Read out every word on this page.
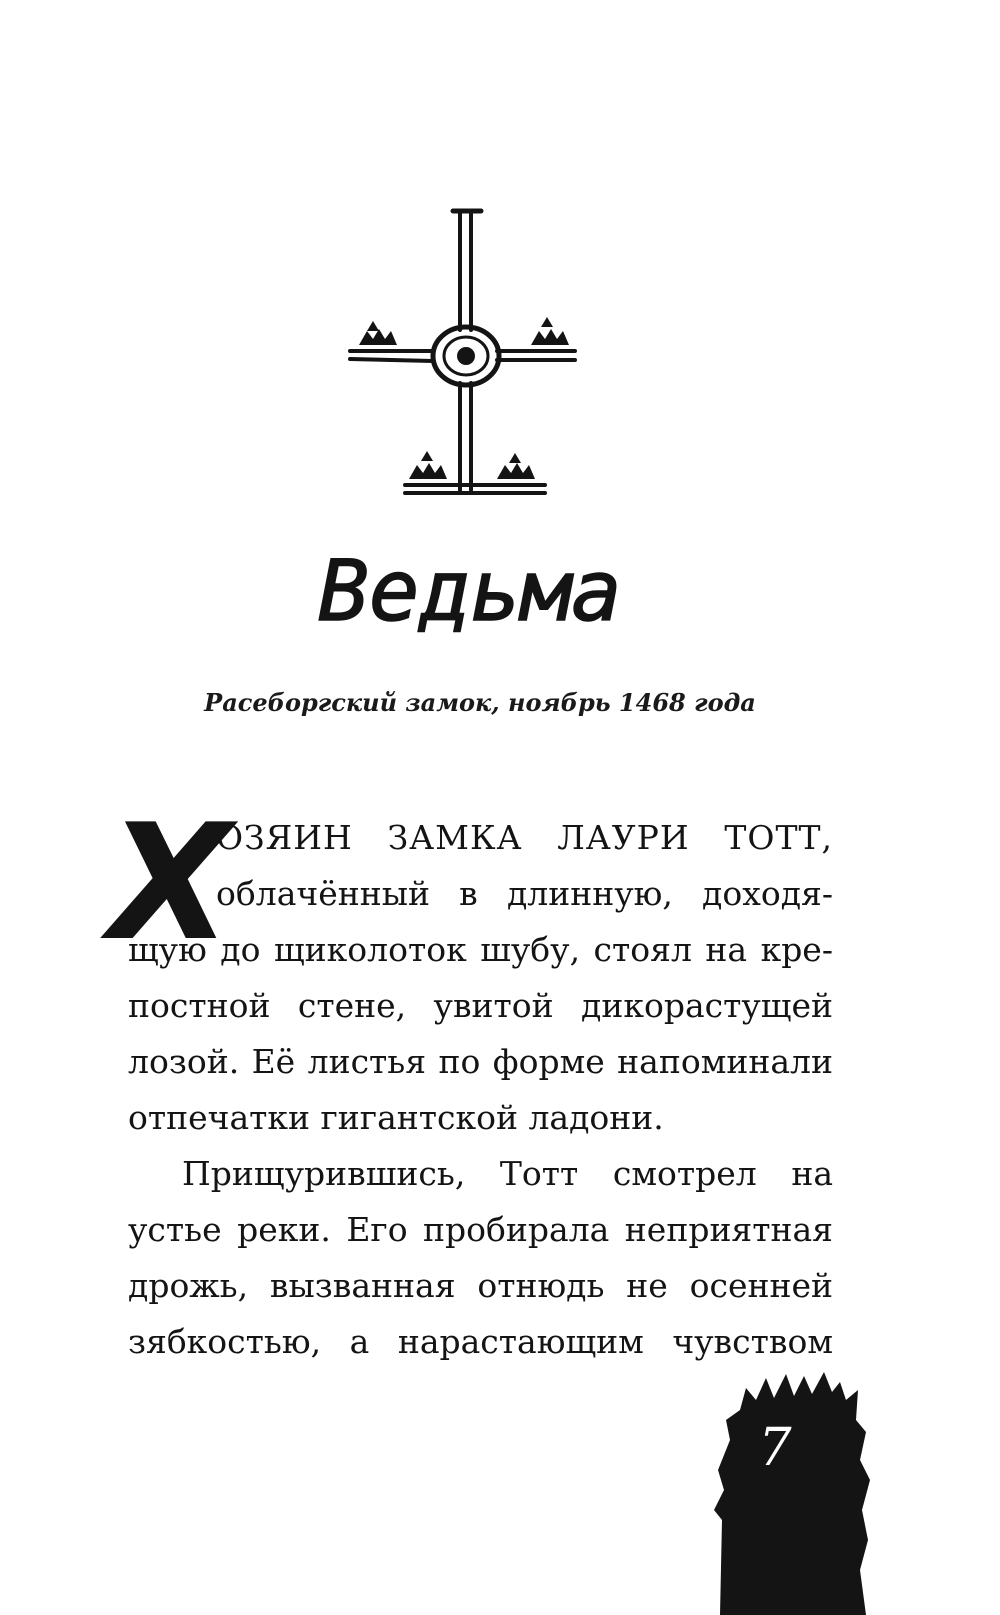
Ведьма
Расеборгский замок, ноябрь 1468 года
Х
ОЗЯИН ЗАМКА ЛАУРИ ТОТТ,
облачённый в длинную, доходя-
щую до щиколоток шубу, стоял на кре-
постной стене, увитой дикорастущей
лозой. Её листья по форме напоминали
отпечатки гигантской ладони.
Прищурившись, Тотт смотрел на
устье реки. Его пробирала неприятная
дрожь, вызванная отнюдь не осенней
зябкостью, а нарастающим чувством
7
